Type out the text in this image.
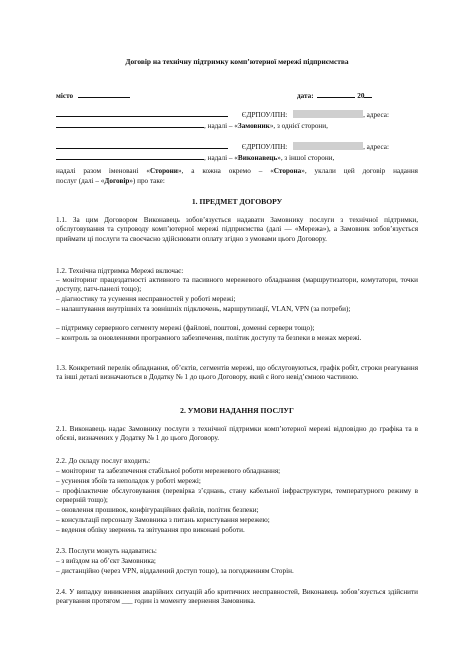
Договір на технічну підтримку комп’ютерної мережі підприємства
місто	дата:	20
ЄДРПОУ/ІПН:	, адреса:
, надалі – «Замовник», з однієї сторони,
ЄДРПОУ/ІПН:	, адреса:
, надалі – «Виконавець», з іншої сторони,
надалі разом іменовані «Сторони», а кожна окремо – «Сторона», уклали цей договір надання
послуг (далі – «Договір») про таке:
1. ПРЕДМЕТ ДОГОВОРУ
1.1. За цим Договором Виконавець зобов’язується надавати Замовнику послуги з технічної підтримки, обслуговування та супроводу комп’ютерної мережі підприємства (далі — «Мережа»), а Замовник зобов’язується приймати ці послуги та своєчасно здійснювати оплату згідно з умовами цього Договору.
1.2. Технічна підтримка Мережі включає:
– моніторинг працездатності активного та пасивного мережевого обладнання (маршрутизатори, комутатори, точки доступу, патч-панелі тощо);
– діагностику та усунення несправностей у роботі мережі;
– налаштування внутрішніх та зовнішніх підключень, маршрутизації, VLAN, VPN (за потреби);
– підтримку серверного сегменту мережі (файлові, поштові, доменні сервери тощо);
– контроль за оновленнями програмного забезпечення, політик доступу та безпеки в межах мережі.
1.3. Конкретний перелік обладнання, об’єктів, сегментів мережі, що обслуговуються, графік робіт, строки реагування та інші деталі визначаються в Додатку № 1 до цього Договору, який є його невід’ємною частиною.
2. УМОВИ НАДАННЯ ПОСЛУГ
2.1. Виконавець надає Замовнику послуги з технічної підтримки комп’ютерної мережі відповідно до графіка та в обсязі, визначених у Додатку № 1 до цього Договору.
2.2. До складу послуг входить:
– моніторинг та забезпечення стабільної роботи мережевого обладнання;
– усунення збоїв та неполадок у роботі мережі;
– профілактичне обслуговування (перевірка з’єднань, стану кабельної інфраструктури, температурного режиму в серверній тощо);
– оновлення прошивок, конфігураційних файлів, політик безпеки;
– консультації персоналу Замовника з питань користування мережею;
– ведення обліку звернень та звітування про виконані роботи.
2.3. Послуги можуть надаватись:
– з виїздом на об’єкт Замовника;
– дистанційно (через VPN, віддалений доступ тощо), за погодженням Сторін.
2.4. У випадку виникнення аварійних ситуацій або критичних несправностей, Виконавець зобов’язується здійснити реагування протягом ___ годин із моменту звернення Замовника.
